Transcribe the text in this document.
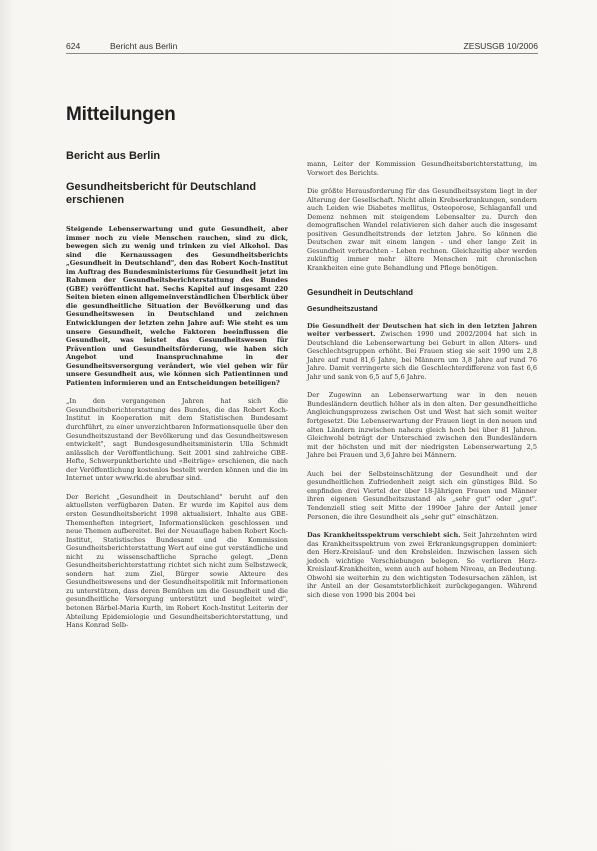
624	Bericht aus Berlin	ZESUSGB 10/2006
Mitteilungen
Bericht aus Berlin
Gesundheitsbericht für Deutschland erschienen

Steigende Lebenserwartung und gute Gesundheit, aber immer noch zu viele Menschen rauchen, sind zu dick, bewegen sich zu wenig und trinken zu viel Alkohol. Das sind die Kernaussagen des Gesundheitsberichts „Gesundheit in Deutschland", den das Robert Koch-Institut im Auftrag des Bundesministeriums für Gesundheit jetzt im Rahmen der Gesundheitsberichterstattung des Bundes (GBE) veröffentlicht hat. Sechs Kapitel auf insgesamt 220 Seiten bieten einen allgemeinverständlichen Überblick über die gesundheitliche Situation der Bevölkerung und das Gesundheitswesen in Deutschland und zeichnen Entwicklungen der letzten zehn Jahre auf: Wie steht es um unsere Gesundheit, welche Faktoren beeinflussen die Gesundheit, was leistet das Gesundheitswesen für Prävention und Gesundheitsförderung, wie haben sich Angebot und Inanspruchnahme in der Gesundheitsversorgung verändert, wie viel geben wir für unsere Gesundheit aus, wie können sich Patientinnen und Patienten informieren und an Entscheidungen beteiligen?

„In den vergangenen Jahren hat sich die Gesundheitsberichterstattung des Bundes, die das Robert Koch-Institut in Kooperation mit dem Statistischen Bundesamt durchführt, zu einer unverzichtbaren Informationsquelle über den Gesundheitszustand der Bevölkerung und das Gesundheitswesen entwickelt", sagt Bundesgesundheitsministerin Ulla Schmidt anlässlich der Veröffentlichung. Seit 2001 sind zahlreiche GBE-Hefte, Schwerpunktberichte und «Beiträge» erschienen, die nach der Veröffentlichung kostenlos bestellt werden können und die im Internet unter www.rki.de abrufbar sind.

Der Bericht „Gesundheit in Deutschland" beruht auf den aktuellsten verfügbaren Daten. Er wurde im Kapitel aus dem ersten Gesundheitsbericht 1998 aktualisiert. Inhalte aus GBE-Themenheften integriert, Informationslücken geschlossen und neue Themen aufbereitet. Bei der Neuauflage haben Robert Koch-Institut, Statistisches Bundesamt und die Kommission Gesundheitsberichterstattung Wert auf eine gut verständliche und nicht zu wissenschaftliche Sprache gelegt. „Denn Gesundheitsberichterstattung richtet sich nicht zum Selbstzweck, sondern hat zum Ziel, Bürger sowie Akteure des Gesundheitswesens und der Gesundheitspolitik mit Informationen zu unterstützen, dass deren Bemühen um die Gesundheit und die gesundheitliche Versorgung unterstützt und begleitet wird", betonen Bärbel-Maria Kurth, im Robert Koch-Institut Leiterin der Abteilung Epidemiologie und Gesundheitsberichterstattung, und Hans Konrad Selb-

mann, Leiter der Kommission Gesundheitsberichterstattung, im Vorwort des Berichts.

Die größte Herausforderung für das Gesundheitssystem liegt in der Alterung der Gesellschaft. Nicht allein Krebserkrankungen, sondern auch Leiden wie Diabetes mellitus, Osteoporose, Schlaganfall und Demenz nehmen mit steigendem Lebensalter zu. Durch den demografischen Wandel relativieren sich daher auch die insgesamt positiven Gesundheitstrends der letzten Jahre. So können die Deutschen zwar mit einem langen - und eher lange Zeit in Gesundheit verbrachten - Leben rechnen. Gleichzeitig aber werden zukünftig immer mehr ältere Menschen mit chronischen Krankheiten eine gute Behandlung und Pflege benötigen.

Gesundheit in Deutschland
Gesundheitszustand

Die Gesundheit der Deutschen hat sich in den letzten Jahren weiter verbessert. Zwischen 1990 und 2002/2004 hat sich in Deutschland die Lebenserwartung bei Geburt in allen Alters- und Geschlechtsgruppen erhöht. Bei Frauen stieg sie seit 1990 um 2,8 Jahre auf rund 81,6 Jahre, bei Männern um 3,8 Jahre auf rund 76 Jahre. Damit verringerte sich die Geschlechterdifferenz von fast 6,6 Jahr und sank von 6,5 auf 5,6 Jahre.

Der Zugewinn an Lebenserwartung war in den neuen Bundesländern deutlich höher als in den alten. Der gesundheitliche Angleichungsprozess zwischen Ost und West hat sich somit weiter fortgesetzt. Die Lebenserwartung der Frauen liegt in den neuen und alten Ländern inzwischen nahezu gleich hoch bei über 81 Jahren. Gleichwohl beträgt der Unterschied zwischen den Bundesländern mit der höchsten und mit der niedrigsten Lebenserwartung 2,5 Jahre bei Frauen und 3,6 Jahre bei Männern.

Auch bei der Selbsteinschätzung der Gesundheit und der gesundheitlichen Zufriedenheit zeigt sich ein günstiges Bild. So empfinden drei Viertel der über 18-Jährigen Frauen und Männer ihren eigenen Gesundheitszustand als „sehr gut" oder „gut". Tendenziell stieg seit Mitte der 1990er Jahre der Anteil jener Personen, die ihre Gesundheit als „sehr gut" einschätzen.

Das Krankheitsspektrum verschiebt sich. Seit Jahrzehnten wird das Krankheitsspektrum von zwei Erkrankungsgruppen dominiert: den Herz-Kreislauf- und den Krebsleiden. Inzwischen lassen sich jedoch wichtige Verschiebungen belegen. So verlieren Herz-Kreislauf-Krankheiten, wenn auch auf hohem Niveau, an Bedeutung. Obwohl sie weiterhin zu den wichtigsten Todesursachen zählen, ist ihr Anteil an der Gesamtsterblichkeit zurückgegangen. Während sich diese von 1990 bis 2004 bei
